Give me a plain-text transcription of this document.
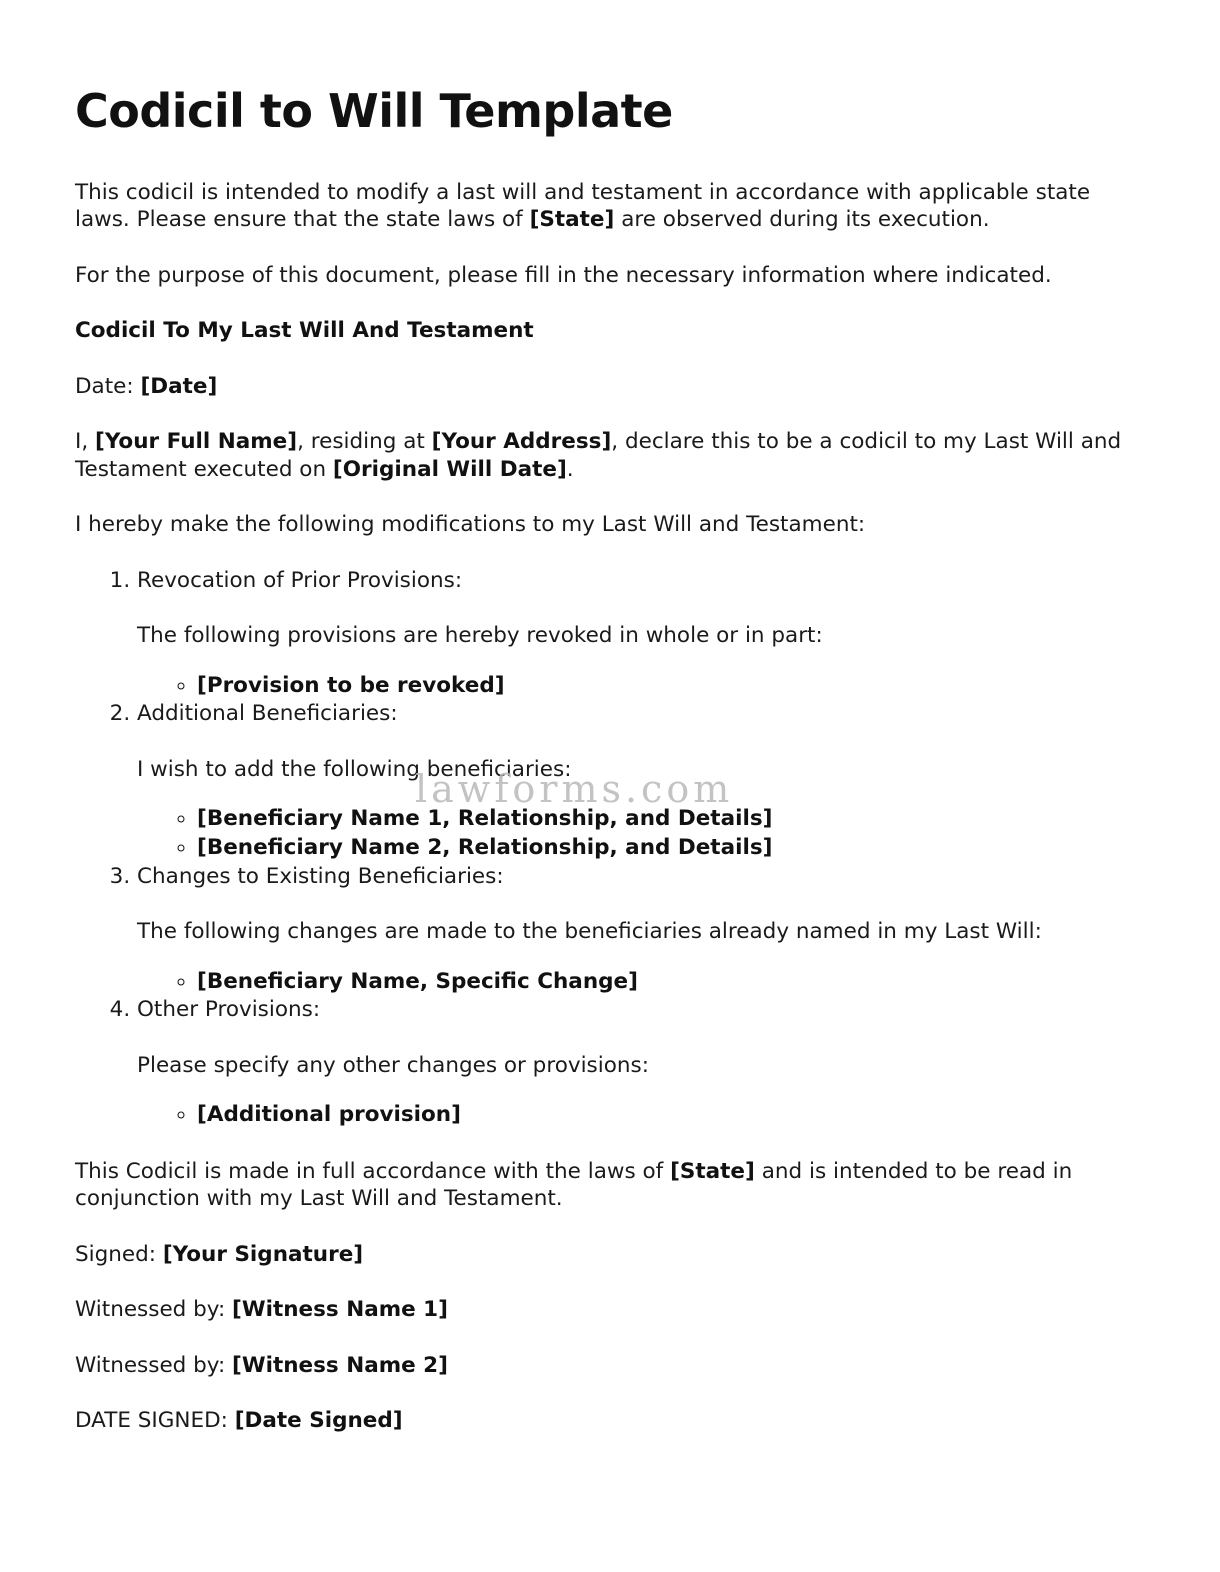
Codicil to Will Template

This codicil is intended to modify a last will and testament in accordance with applicable state laws. Please ensure that the state laws of [State] are observed during its execution.

For the purpose of this document, please fill in the necessary information where indicated.

Codicil To My Last Will And Testament

Date: [Date]

I, [Your Full Name], residing at [Your Address], declare this to be a codicil to my Last Will and Testament executed on [Original Will Date].

I hereby make the following modifications to my Last Will and Testament:

1. Revocation of Prior Provisions:
The following provisions are hereby revoked in whole or in part:
◦ [Provision to be revoked]
2. Additional Beneficiaries:
I wish to add the following beneficiaries:
◦ [Beneficiary Name 1, Relationship, and Details]
◦ [Beneficiary Name 2, Relationship, and Details]
3. Changes to Existing Beneficiaries:
The following changes are made to the beneficiaries already named in my Last Will:
◦ [Beneficiary Name, Specific Change]
4. Other Provisions:
Please specify any other changes or provisions:
◦ [Additional provision]

This Codicil is made in full accordance with the laws of [State] and is intended to be read in conjunction with my Last Will and Testament.

Signed: [Your Signature]

Witnessed by: [Witness Name 1]

Witnessed by: [Witness Name 2]

DATE SIGNED: [Date Signed]

lawforms.com
